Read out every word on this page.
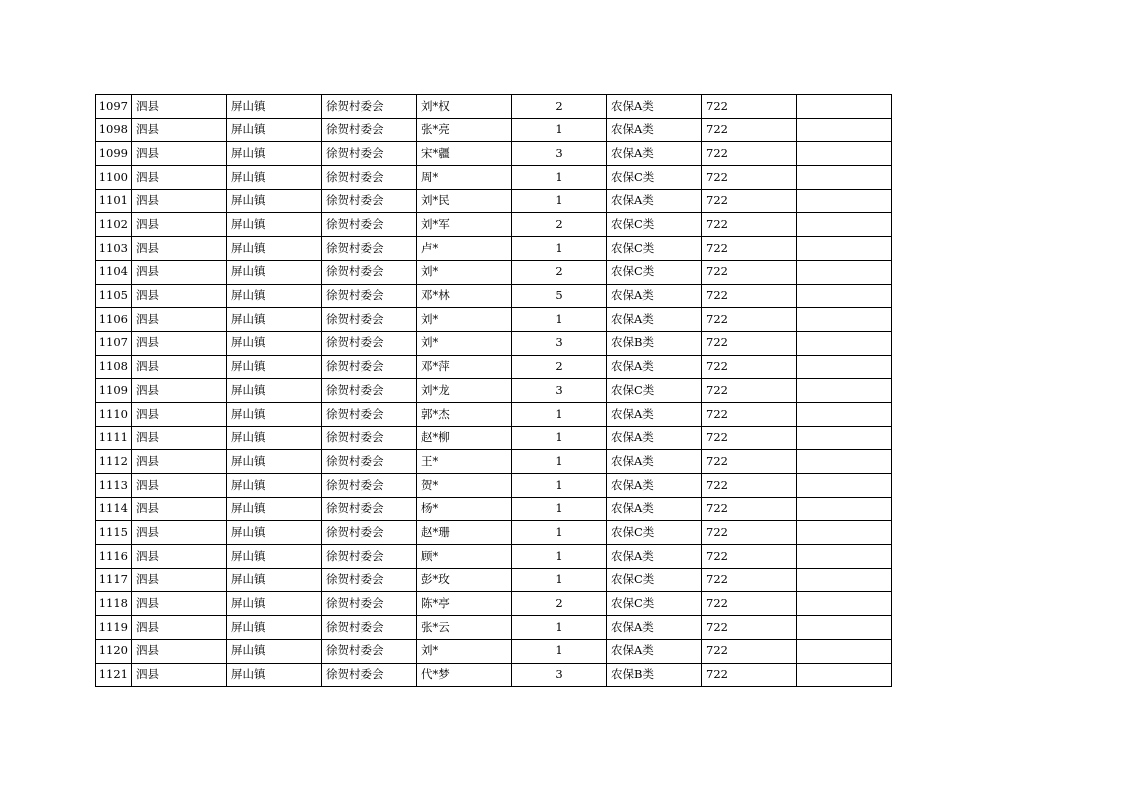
1097	泗县	屏山镇	徐贺村委会	刘*权	2	农保A类	722	
1098	泗县	屏山镇	徐贺村委会	张*亮	1	农保A类	722	
1099	泗县	屏山镇	徐贺村委会	宋*疆	3	农保A类	722	
1100	泗县	屏山镇	徐贺村委会	周*	1	农保C类	722	
1101	泗县	屏山镇	徐贺村委会	刘*民	1	农保A类	722	
1102	泗县	屏山镇	徐贺村委会	刘*军	2	农保C类	722	
1103	泗县	屏山镇	徐贺村委会	卢*	1	农保C类	722	
1104	泗县	屏山镇	徐贺村委会	刘*	2	农保C类	722	
1105	泗县	屏山镇	徐贺村委会	邓*林	5	农保A类	722	
1106	泗县	屏山镇	徐贺村委会	刘*	1	农保A类	722	
1107	泗县	屏山镇	徐贺村委会	刘*	3	农保B类	722	
1108	泗县	屏山镇	徐贺村委会	邓*萍	2	农保A类	722	
1109	泗县	屏山镇	徐贺村委会	刘*龙	3	农保C类	722	
1110	泗县	屏山镇	徐贺村委会	郭*杰	1	农保A类	722	
1111	泗县	屏山镇	徐贺村委会	赵*柳	1	农保A类	722	
1112	泗县	屏山镇	徐贺村委会	王*	1	农保A类	722	
1113	泗县	屏山镇	徐贺村委会	贺*	1	农保A类	722	
1114	泗县	屏山镇	徐贺村委会	杨*	1	农保A类	722	
1115	泗县	屏山镇	徐贺村委会	赵*珊	1	农保C类	722	
1116	泗县	屏山镇	徐贺村委会	顾*	1	农保A类	722	
1117	泗县	屏山镇	徐贺村委会	彭*玫	1	农保C类	722	
1118	泗县	屏山镇	徐贺村委会	陈*亭	2	农保C类	722	
1119	泗县	屏山镇	徐贺村委会	张*云	1	农保A类	722	
1120	泗县	屏山镇	徐贺村委会	刘*	1	农保A类	722	
1121	泗县	屏山镇	徐贺村委会	代*梦	3	农保B类	722	
